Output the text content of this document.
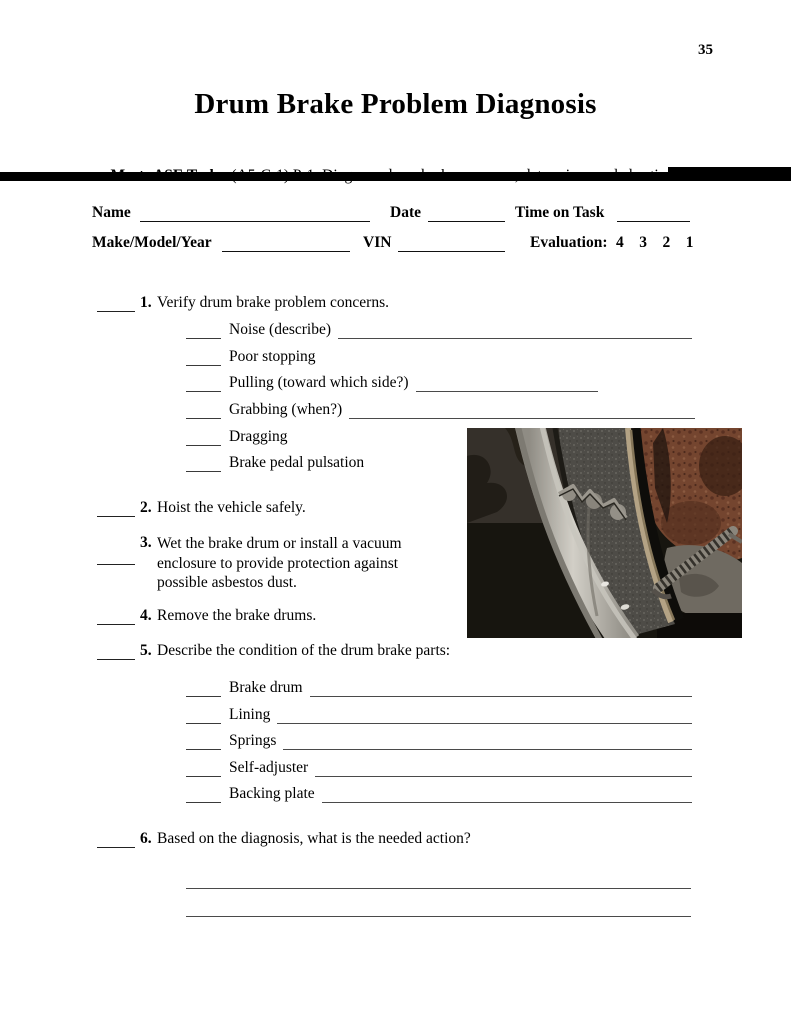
35
Drum Brake Problem Diagnosis

Name	Date	Time on Task
Make/Model/Year	VIN	Evaluation: 4    3    2    1
1. Verify drum brake problem concerns.
Noise (describe)
Poor stopping
Pulling (toward which side?)
Grabbing (when?)
Dragging
Brake pedal pulsation
2. Hoist the vehicle safely.
3. Wet the brake drum or install a vacuum enclosure to provide protection against possible asbestos dust.
4. Remove the brake drums.
5. Describe the condition of the drum brake parts:
Brake drum
Lining
Springs
Self-adjuster
Backing plate
6. Based on the diagnosis, what is the needed action?
